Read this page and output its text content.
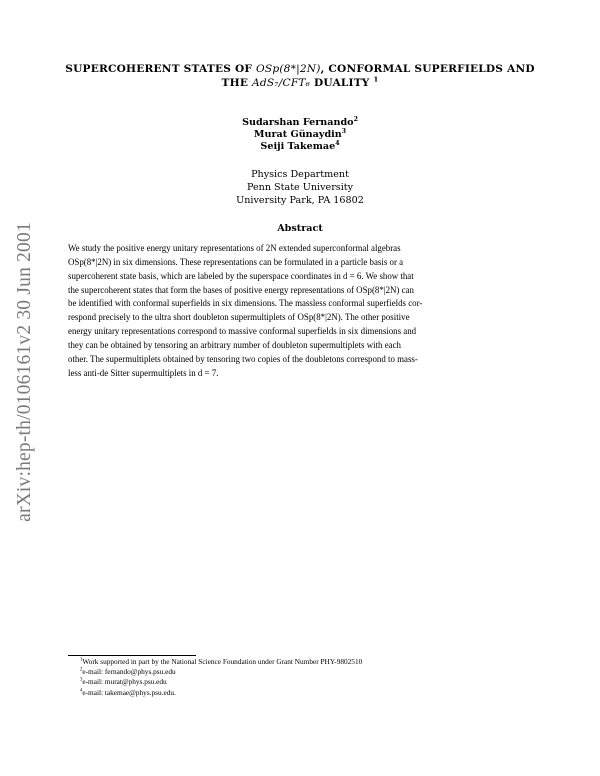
arXiv:hep-th/0106161v2 30 Jun 2001
SUPERCOHERENT STATES OF OSp(8*|2N), CONFORMAL SUPERFIELDS AND
THE AdS₇/CFT₆ DUALITY $^1$
Sudarshan Fernando$^2$
Murat Günaydin$^3$
Seiji Takemae$^4$
Physics Department
Penn State University
University Park, PA 16802
Abstract
We study the positive energy unitary representations of 2N extended superconformal algebras
OSp(8*|2N) in six dimensions. These representations can be formulated in a particle basis or a
supercoherent state basis, which are labeled by the superspace coordinates in d = 6. We show that
the supercoherent states that form the bases of positive energy representations of OSp(8*|2N) can
be identified with conformal superfields in six dimensions. The massless conformal superfields cor-
respond precisely to the ultra short doubleton supermultiplets of OSp(8*|2N). The other positive
energy unitary representations correspond to massive conformal superfields in six dimensions and
they can be obtained by tensoring an arbitrary number of doubleton supermultiplets with each
other. The supermultiplets obtained by tensoring two copies of the doubletons correspond to mass-
less anti-de Sitter supermultiplets in d = 7.
$^1$Work supported in part by the National Science Foundation under Grant Number PHY-9802510
$^2$e-mail: fernando@phys.psu.edu
$^3$e-mail: murat@phys.psu.edu
$^4$e-mail: takemae@phys.psu.edu.
